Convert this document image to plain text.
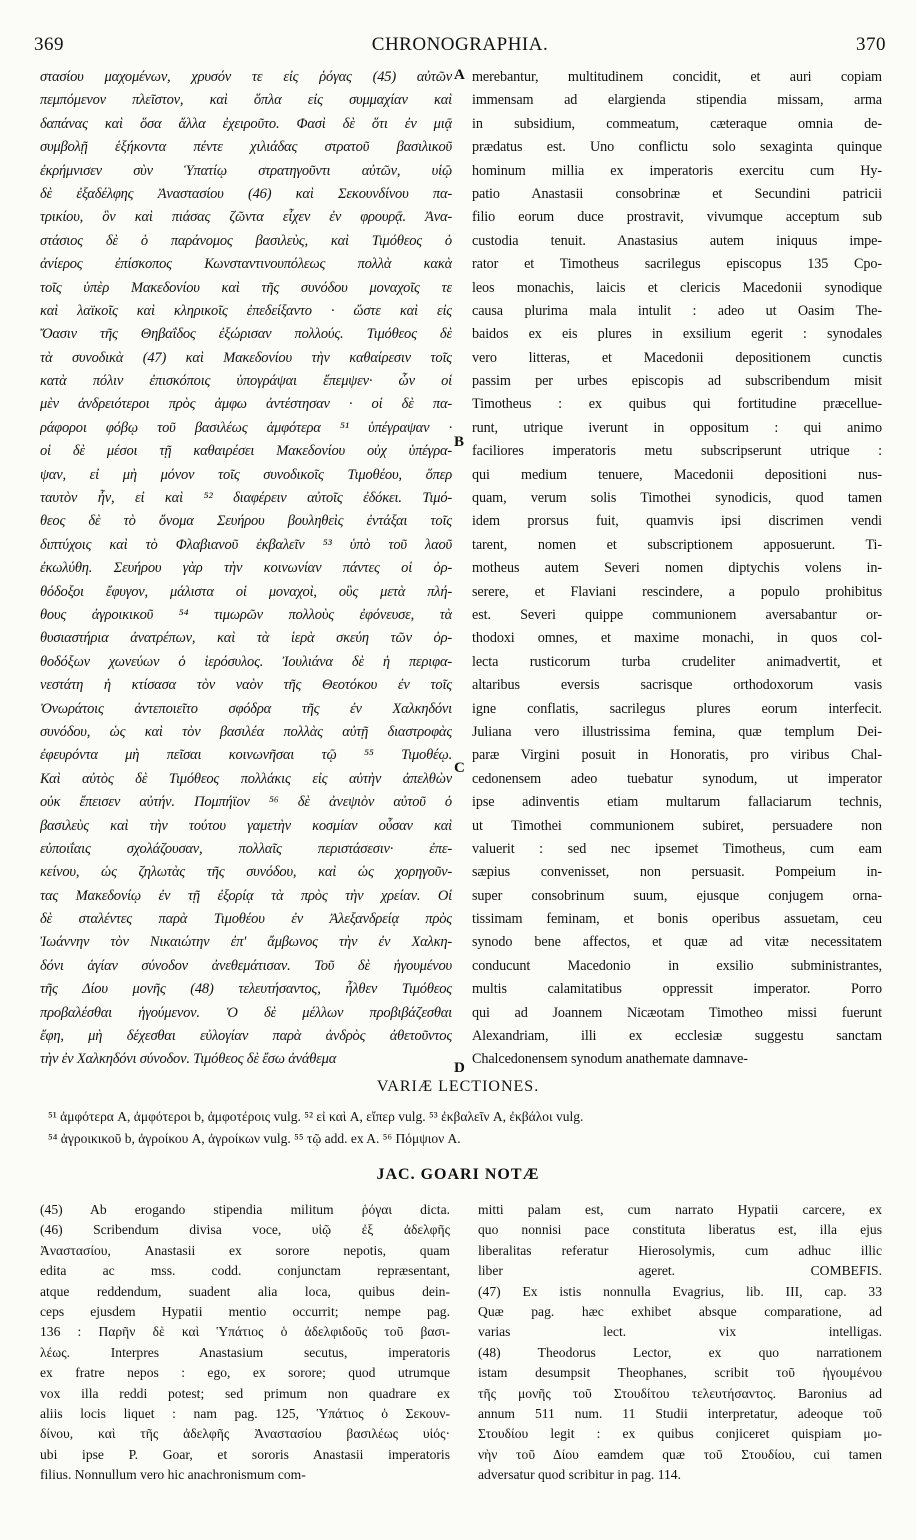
369	CHRONOGRAPHIA.	370
στασίου μαχομένων, χρυσόν τε εἰς ῥόγας (45) αὐτῶν
πεμπόμενον πλεῖστον, καὶ ὅπλα εἰς συμμαχίαν καὶ
δαπάνας καὶ ὅσα ἄλλα ἐχειροῦτο. Φασὶ δὲ ὅτι ἐν μιᾷ
συμβολῇ ἑξήκοντα πέντε χιλιάδας στρατοῦ βασιλικοῦ
ἐκρήμνισεν σὺν Ὑπατίῳ στρατηγοῦντι αὐτῶν, υἱῷ
δὲ ἐξαδέλφης Ἀναστασίου (46) καὶ Σεκουνδίνου πα-
τρικίου, ὃν καὶ πιάσας ζῶντα εἶχεν ἐν φρουρᾷ. Ἀνα-
στάσιος δὲ ὁ παράνομος βασιλεὺς, καὶ Τιμόθεος ὁ
ἀνίερος ἐπίσκοπος Κωνσταντινουπόλεως πολλὰ κακὰ
τοῖς ὑπὲρ Μακεδονίου καὶ τῆς συνόδου μοναχοῖς τε
καὶ λαϊκοῖς καὶ κληρικοῖς ἐπεδείξαντο · ὥστε καὶ εἰς
Ὄασιν τῆς Θηβαΐδος ἐξώρισαν πολλούς. Τιμόθεος δὲ
τὰ συνοδικὰ (47) καὶ Μακεδονίου τὴν καθαίρεσιν τοῖς
κατὰ πόλιν ἐπισκόποις ὑπογράψαι ἔπεμψεν· ὧν οἱ
μὲν ἀνδρειότεροι πρὸς ἀμφω ἀντέστησαν · οἱ δὲ πα-
ράφοροι φόβῳ τοῦ βασιλέως ἀμφότερα ⁵¹ ὑπέγραψαν ·
οἱ δὲ μέσοι τῇ καθαιρέσει Μακεδονίου οὐχ ὑπέγρα-
ψαν, εἰ μὴ μόνον τοῖς συνοδικοῖς Τιμοθέου, ὅπερ
ταυτὸν ἦν, εἰ καὶ ⁵² διαφέρειν αὐτοῖς ἐδόκει. Τιμό-
θεος δὲ τὸ ὄνομα Σευήρου βουληθεὶς ἐντάξαι τοῖς
διπτύχοις καὶ τὸ Φλαβιανοῦ ἐκβαλεῖν ⁵³ ὑπὸ τοῦ λαοῦ
ἐκωλύθη. Σευήρου γὰρ τὴν κοινωνίαν πάντες οἱ ὀρ-
θόδοξοι ἔφυγον, μάλιστα οἱ μοναχοὶ, οὓς μετὰ πλή-
θους ἀγροικικοῦ ⁵⁴ τιμωρῶν πολλοὺς ἐφόνευσε, τὰ
θυσιαστήρια ἀνατρέπων, καὶ τὰ ἱερὰ σκεύη τῶν ὀρ-
θοδόξων χωνεύων ὁ ἱερόσυλος. Ἰουλιάνα δὲ ἡ περιφα-
νεστάτη ἡ κτίσασα τὸν ναὸν τῆς Θεοτόκου ἐν τοῖς
Ὀνωράτοις ἀντεποιεῖτο σφόδρα τῆς ἐν Χαλκηδόνι
συνόδου, ὡς καὶ τὸν βασιλέα πολλὰς αὐτῇ διαστροφὰς
ἐφευρόντα μὴ πεῖσαι κοινωνῆσαι τῷ ⁵⁵ Τιμοθέῳ.
Καὶ αὐτὸς δὲ Τιμόθεος πολλάκις εἰς αὐτὴν ἀπελθὼν
οὐκ ἔπεισεν αὐτήν. Πομπήϊον ⁵⁶ δὲ ἀνεψιὸν αὐτοῦ ὁ
βασιλεὺς καὶ τὴν τούτου γαμετὴν κοσμίαν οὖσαν καὶ
εὐποιΐαις σχολάζουσαν, πολλαῖς περιστάσεσιν· ἐπε-
κείνου, ὡς ζηλωτὰς τῆς συνόδου, καὶ ὡς χορηγοῦν-
τας Μακεδονίῳ ἐν τῇ ἐξορίᾳ τὰ πρὸς τὴν χρείαν. Οἱ
δὲ σταλέντες παρὰ Τιμοθέου ἐν Ἀλεξανδρείᾳ πρὸς
Ἰωάννην τὸν Νικαιώτην ἐπ' ἄμβωνος τὴν ἐν Χαλκη-
δόνι ἁγίαν σύνοδον ἀνεθεμάτισαν. Τοῦ δὲ ἡγουμένου
τῆς Δίου μονῆς (48) τελευτήσαντος, ἦλθεν Τιμόθεος
προβαλέσθαι ἡγούμενον. Ὁ δὲ μέλλων προβιβάζεσθαι
ἔφη, μὴ δέχεσθαι εὐλογίαν παρὰ ἀνδρὸς ἀθετοῦντος
τὴν ἐν Χαλκηδόνι σύνοδον. Τιμόθεος δὲ ἔσω ἀνάθεμα
merebantur, multitudinem concidit, et auri copiam
immensam ad elargienda stipendia missam, arma
in subsidium, commeatum, cæteraque omnia de-
prædatus est. Uno conflictu solo sexaginta quinque
hominum millia ex imperatoris exercitu cum Hy-
patio Anastasii consobrinæ et Secundini patricii
filio eorum duce prostravit, vivumque acceptum sub
custodia tenuit. Anastasius autem iniquus impe-
rator et Timotheus sacrilegus episcopus 135 Cpo-
leos monachis, laicis et clericis Macedonii synodique
causa plurima mala intulit : adeo ut Oasim The-
baidos ex eis plures in exsilium egerit : synodales
vero litteras, et Macedonii depositionem cunctis
passim per urbes episcopis ad subscribendum misit
Timotheus : ex quibus qui fortitudine præcellue-
runt, utrique iverunt in oppositum : qui animo
faciliores imperatoris metu subscripserunt utrique :
qui medium tenuere, Macedonii depositioni nus-
quam, verum solis Timothei synodicis, quod tamen
idem prorsus fuit, quamvis ipsi discrimen vendi
tarent, nomen et subscriptionem apposuerunt. Ti-
motheus autem Severi nomen diptychis volens in-
serere, et Flaviani rescindere, a populo prohibitus
est. Severi quippe communionem aversabantur or-
thodoxi omnes, et maxime monachi, in quos col-
lecta rusticorum turba crudeliter animadvertit, et
altaribus eversis sacrisque orthodoxorum vasis
igne conflatis, sacrilegus plures eorum interfecit.
Juliana vero illustrissima femina, quæ templum Dei-
paræ Virgini posuit in Honoratis, pro viribus Chal-
cedonensem adeo tuebatur synodum, ut imperator
ipse adinventis etiam multarum fallaciarum technis,
ut Timothei communionem subiret, persuadere non
valuerit : sed nec ipsemet Timotheus, cum eam
sæpius convenisset, non persuasit. Pompeium in-
super consobrinum suum, ejusque conjugem orna-
tissimam feminam, et bonis operibus assuetam, ceu
synodo bene affectos, et quæ ad vitæ necessitatem
conducunt Macedonio in exsilio subministrantes,
multis calamitatibus oppressit imperator. Porro
qui ad Joannem Nicæotam Timotheo missi fuerunt
Alexandriam, illi ex ecclesiæ suggestu sanctam
Chalcedonensem synodum anathemate damnave-
A
B
C
D
VARIÆ LECTIONES.
⁵¹ ἀμφότερα A, ἀμφότεροι b, ἀμφοτέροις vulg. ⁵² εἰ καὶ A, εἴπερ vulg. ⁵³ ἐκβαλεῖν A, ἐκβάλοι vulg.
⁵⁴ ἀγροικικοῦ b, ἀγροίκου A, ἀγροίκων vulg. ⁵⁵ τῷ add. ex A. ⁵⁶ Πόμψιον A.
JAC. GOARI NOTÆ
(45) Ab erogando stipendia militum ῥόγαι dicta.
(46) Scribendum divisa voce, υἱῷ ἐξ ἀδελφῆς
Ἀναστασίου, Anastasii ex sorore nepotis, quam
edita ac mss. codd. conjunctam repræsentant,
atque reddendum, suadent alia loca, quibus dein-
ceps ejusdem Hypatii mentio occurrit; nempe pag.
136 : Παρῆν δὲ καὶ Ὑπάτιος ὁ ἀδελφιδοῦς τοῦ βασι-
λέως. Interpres Anastasium secutus, imperatoris
ex fratre nepos : ego, ex sorore; quod utrumque
vox illa reddi potest; sed primum non quadrare ex
aliis locis liquet : nam pag. 125, Ὑπάτιος ὁ Σεκουν-
δίνου, καὶ τῆς ἀδελφῆς Ἀναστασίου βασιλέως υἱός·
ubi ipse P. Goar, et sororis Anastasii imperatoris
filius. Nonnullum vero hic anachronismum com-
mitti palam est, cum narrato Hypatii carcere, ex
quo nonnisi pace constituta liberatus est, illa ejus
liberalitas referatur Hierosolymis, cum adhuc illic
liber ageret. COMBEFIS.
(47) Ex istis nonnulla Evagrius, lib. III, cap. 33
Quæ pag. hæc exhibet absque comparatione, ad
varias lect. vix intelligas.
(48) Theodorus Lector, ex quo narrationem
istam desumpsit Theophanes, scribit τοῦ ἡγουμένου
τῆς μονῆς τοῦ Στουδίτου τελευτήσαντος. Baronius ad
annum 511 num. 11 Studii interpretatur, adeoque τοῦ
Στουδίου legit : ex quibus conjiceret quispiam μο-
νὴν τοῦ Δίου eamdem quæ τοῦ Στουδίου, cui tamen
adversatur quod scribitur in pag. 114.
